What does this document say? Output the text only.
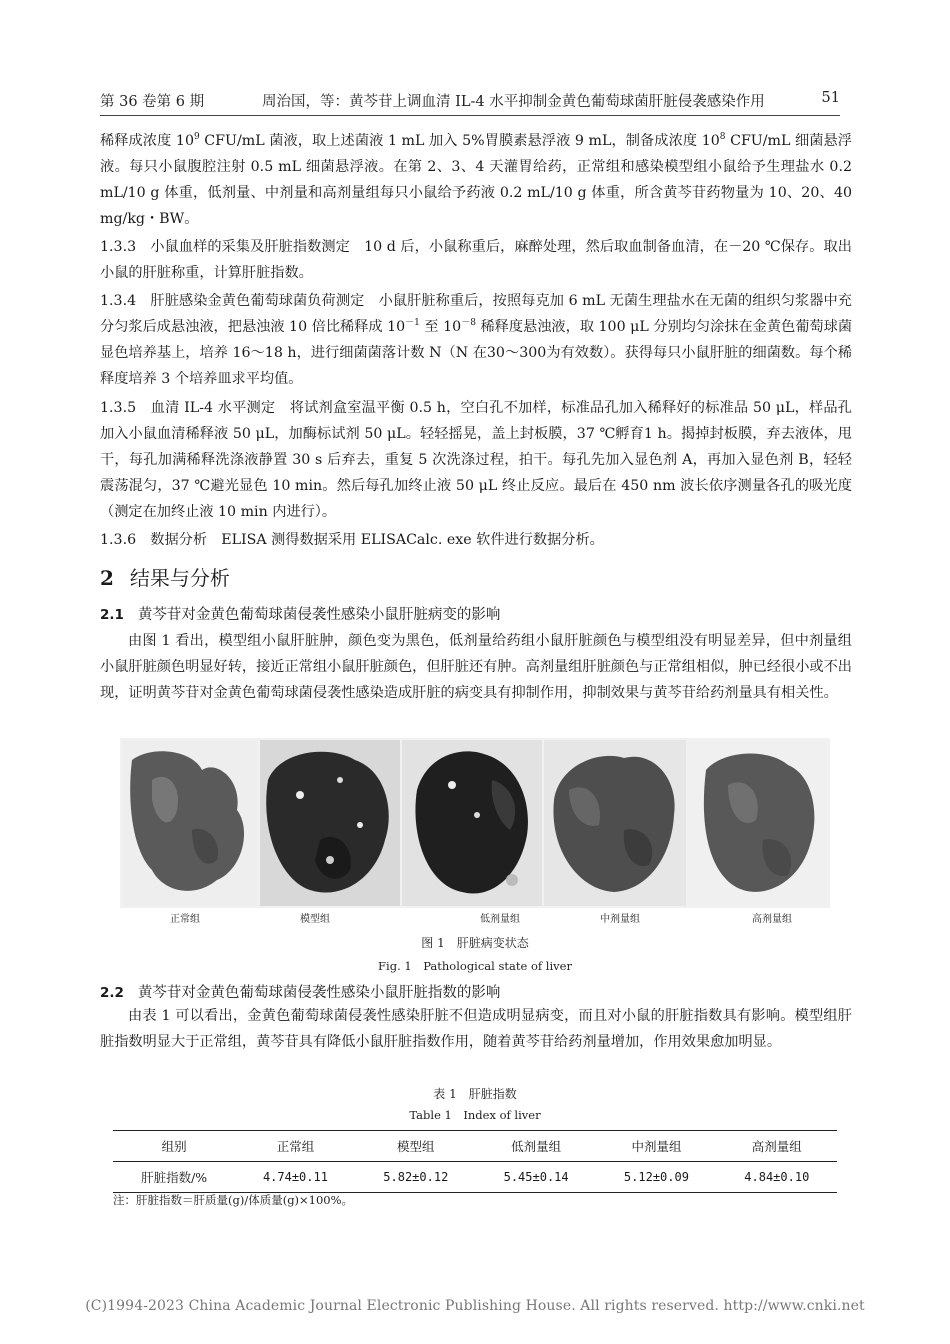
第 36 卷第 6 期	周治国，等：黄芩苷上调血清 IL-4 水平抑制金黄色葡萄球菌肝脏侵袭感染作用	51

稀释成浓度 $10^9$ CFU/mL 菌液，取上述菌液 1 mL 加入 5%胃膜素悬浮液 9 mL，制备成浓度 $10^8$ CFU/mL 细菌悬浮液。每只小鼠腹腔注射 0.5 mL 细菌悬浮液。在第 2、3、4 天灌胃给药，正常组和感染模型组小鼠给予生理盐水 0.2 mL/10 g 体重，低剂量、中剂量和高剂量组每只小鼠给予药液 0.2 mL/10 g 体重，所含黄芩苷药物量为 10、20、40 mg/kg・BW。

1.3.3　小鼠血样的采集及肝脏指数测定　10 d 后，小鼠称重后，麻醉处理，然后取血制备血清，在－20 ℃保存。取出小鼠的肝脏称重，计算肝脏指数。

1.3.4　肝脏感染金黄色葡萄球菌负荷测定　小鼠肝脏称重后，按照每克加 6 mL 无菌生理盐水在无菌的组织匀浆器中充分匀浆后成悬浊液，把悬浊液 10 倍比稀释成 $10^{-1}$ 至 $10^{-8}$ 稀释度悬浊液，取 100 μL 分别均匀涂抹在金黄色葡萄球菌显色培养基上，培养 16～18 h，进行细菌菌落计数 N（N 在30～300为有效数）。获得每只小鼠肝脏的细菌数。每个稀释度培养 3 个培养皿求平均值。

1.3.5　血清 IL-4 水平测定　将试剂盒室温平衡 0.5 h，空白孔不加样，标准品孔加入稀释好的标准品 50 μL，样品孔加入小鼠血清稀释液 50 μL，加酶标试剂 50 μL。轻轻摇晃，盖上封板膜，37 ℃孵育1 h。揭掉封板膜，弃去液体，甩干，每孔加满稀释洗涤液静置 30 s 后弃去，重复 5 次洗涤过程，拍干。每孔先加入显色剂 A，再加入显色剂 B，轻轻震荡混匀，37 ℃避光显色 10 min。然后每孔加终止液 50 μL 终止反应。最后在 450 nm 波长依序测量各孔的吸光度（测定在加终止液 10 min 内进行）。

1.3.6　数据分析　ELISA 测得数据采用 ELISACalc. exe 软件进行数据分析。

2 结果与分析
2.1 黄芩苷对金黄色葡萄球菌侵袭性感染小鼠肝脏病变的影响

由图 1 看出，模型组小鼠肝脏肿，颜色变为黑色，低剂量给药组小鼠肝脏颜色与模型组没有明显差异，但中剂量组小鼠肝脏颜色明显好转，接近正常组小鼠肝脏颜色，但肝脏还有肿。高剂量组肝脏颜色与正常组相似，肿已经很小或不出现，证明黄芩苷对金黄色葡萄球菌侵袭性感染造成肝脏的病变具有抑制作用，抑制效果与黄芩苷给药剂量具有相关性。

正常组	模型组	低剂量组	中剂量组	高剂量组
图 1　肝脏病变状态
Fig. 1　Pathological state of liver
2.2 黄芩苷对金黄色葡萄球菌侵袭性感染小鼠肝脏指数的影响

由表 1 可以看出，金黄色葡萄球菌侵袭性感染肝脏不但造成明显病变，而且对小鼠的肝脏指数具有影响。模型组肝脏指数明显大于正常组，黄芩苷具有降低小鼠肝脏指数作用，随着黄芩苷给药剂量增加，作用效果愈加明显。

表 1　肝脏指数
Table 1　Index of liver
组别	正常组	模型组	低剂量组	中剂量组	高剂量组
肝脏指数/%	4.74±0.11	5.82±0.12	5.45±0.14	5.12±0.09	4.84±0.10
注：肝脏指数＝肝质量(g)/体质量(g)×100%。
(C)1994-2023 China Academic Journal Electronic Publishing House. All rights reserved. http://www.cnki.net
